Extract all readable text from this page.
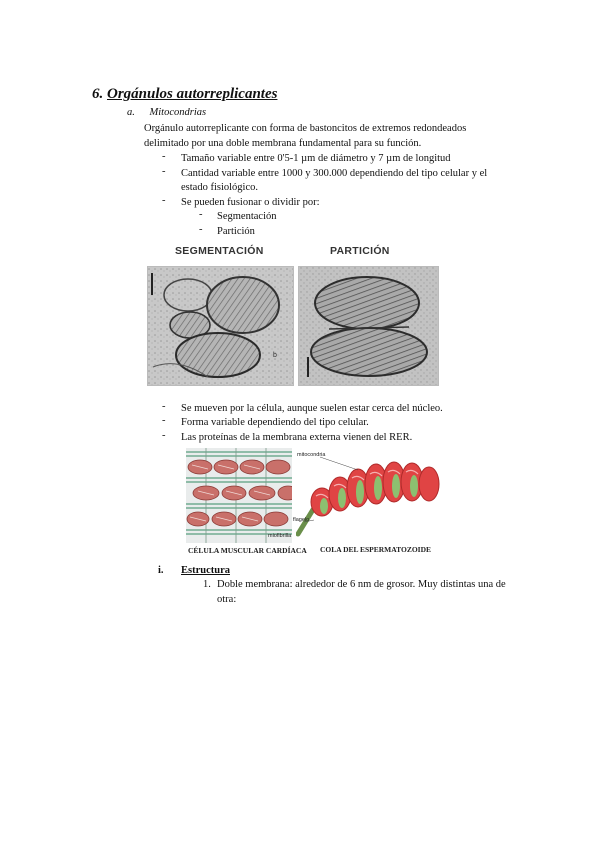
6. Orgánulos autorreplicantes
a. Mitocondrias
Orgánulo autorreplicante con forma de bastoncitos de extremos redondeados
delimitado por una doble membrana fundamental para su función.
- Tamaño variable entre 0'5-1 µm de diámetro y 7 µm de longitud
- Cantidad variable entre 1000 y 300.000 dependiendo del tipo celular y el
estado fisiológico.
- Se pueden fusionar o dividir por:
- Segmentación
- Partición
SEGMENTACIÓN	PARTICIÓN
b
- Se mueven por la célula, aunque suelen estar cerca del núcleo.
- Forma variable dependiendo del tipo celular.
- Las proteínas de la membrana externa vienen del RER.
mitocondria
flagelo
miofibrilla
CÉLULA MUSCULAR CARDÍACA COLA DEL ESPERMATOZOIDE
i. Estructura
1. Doble membrana: alrededor de 6 nm de grosor. Muy distintas una de
otra:
